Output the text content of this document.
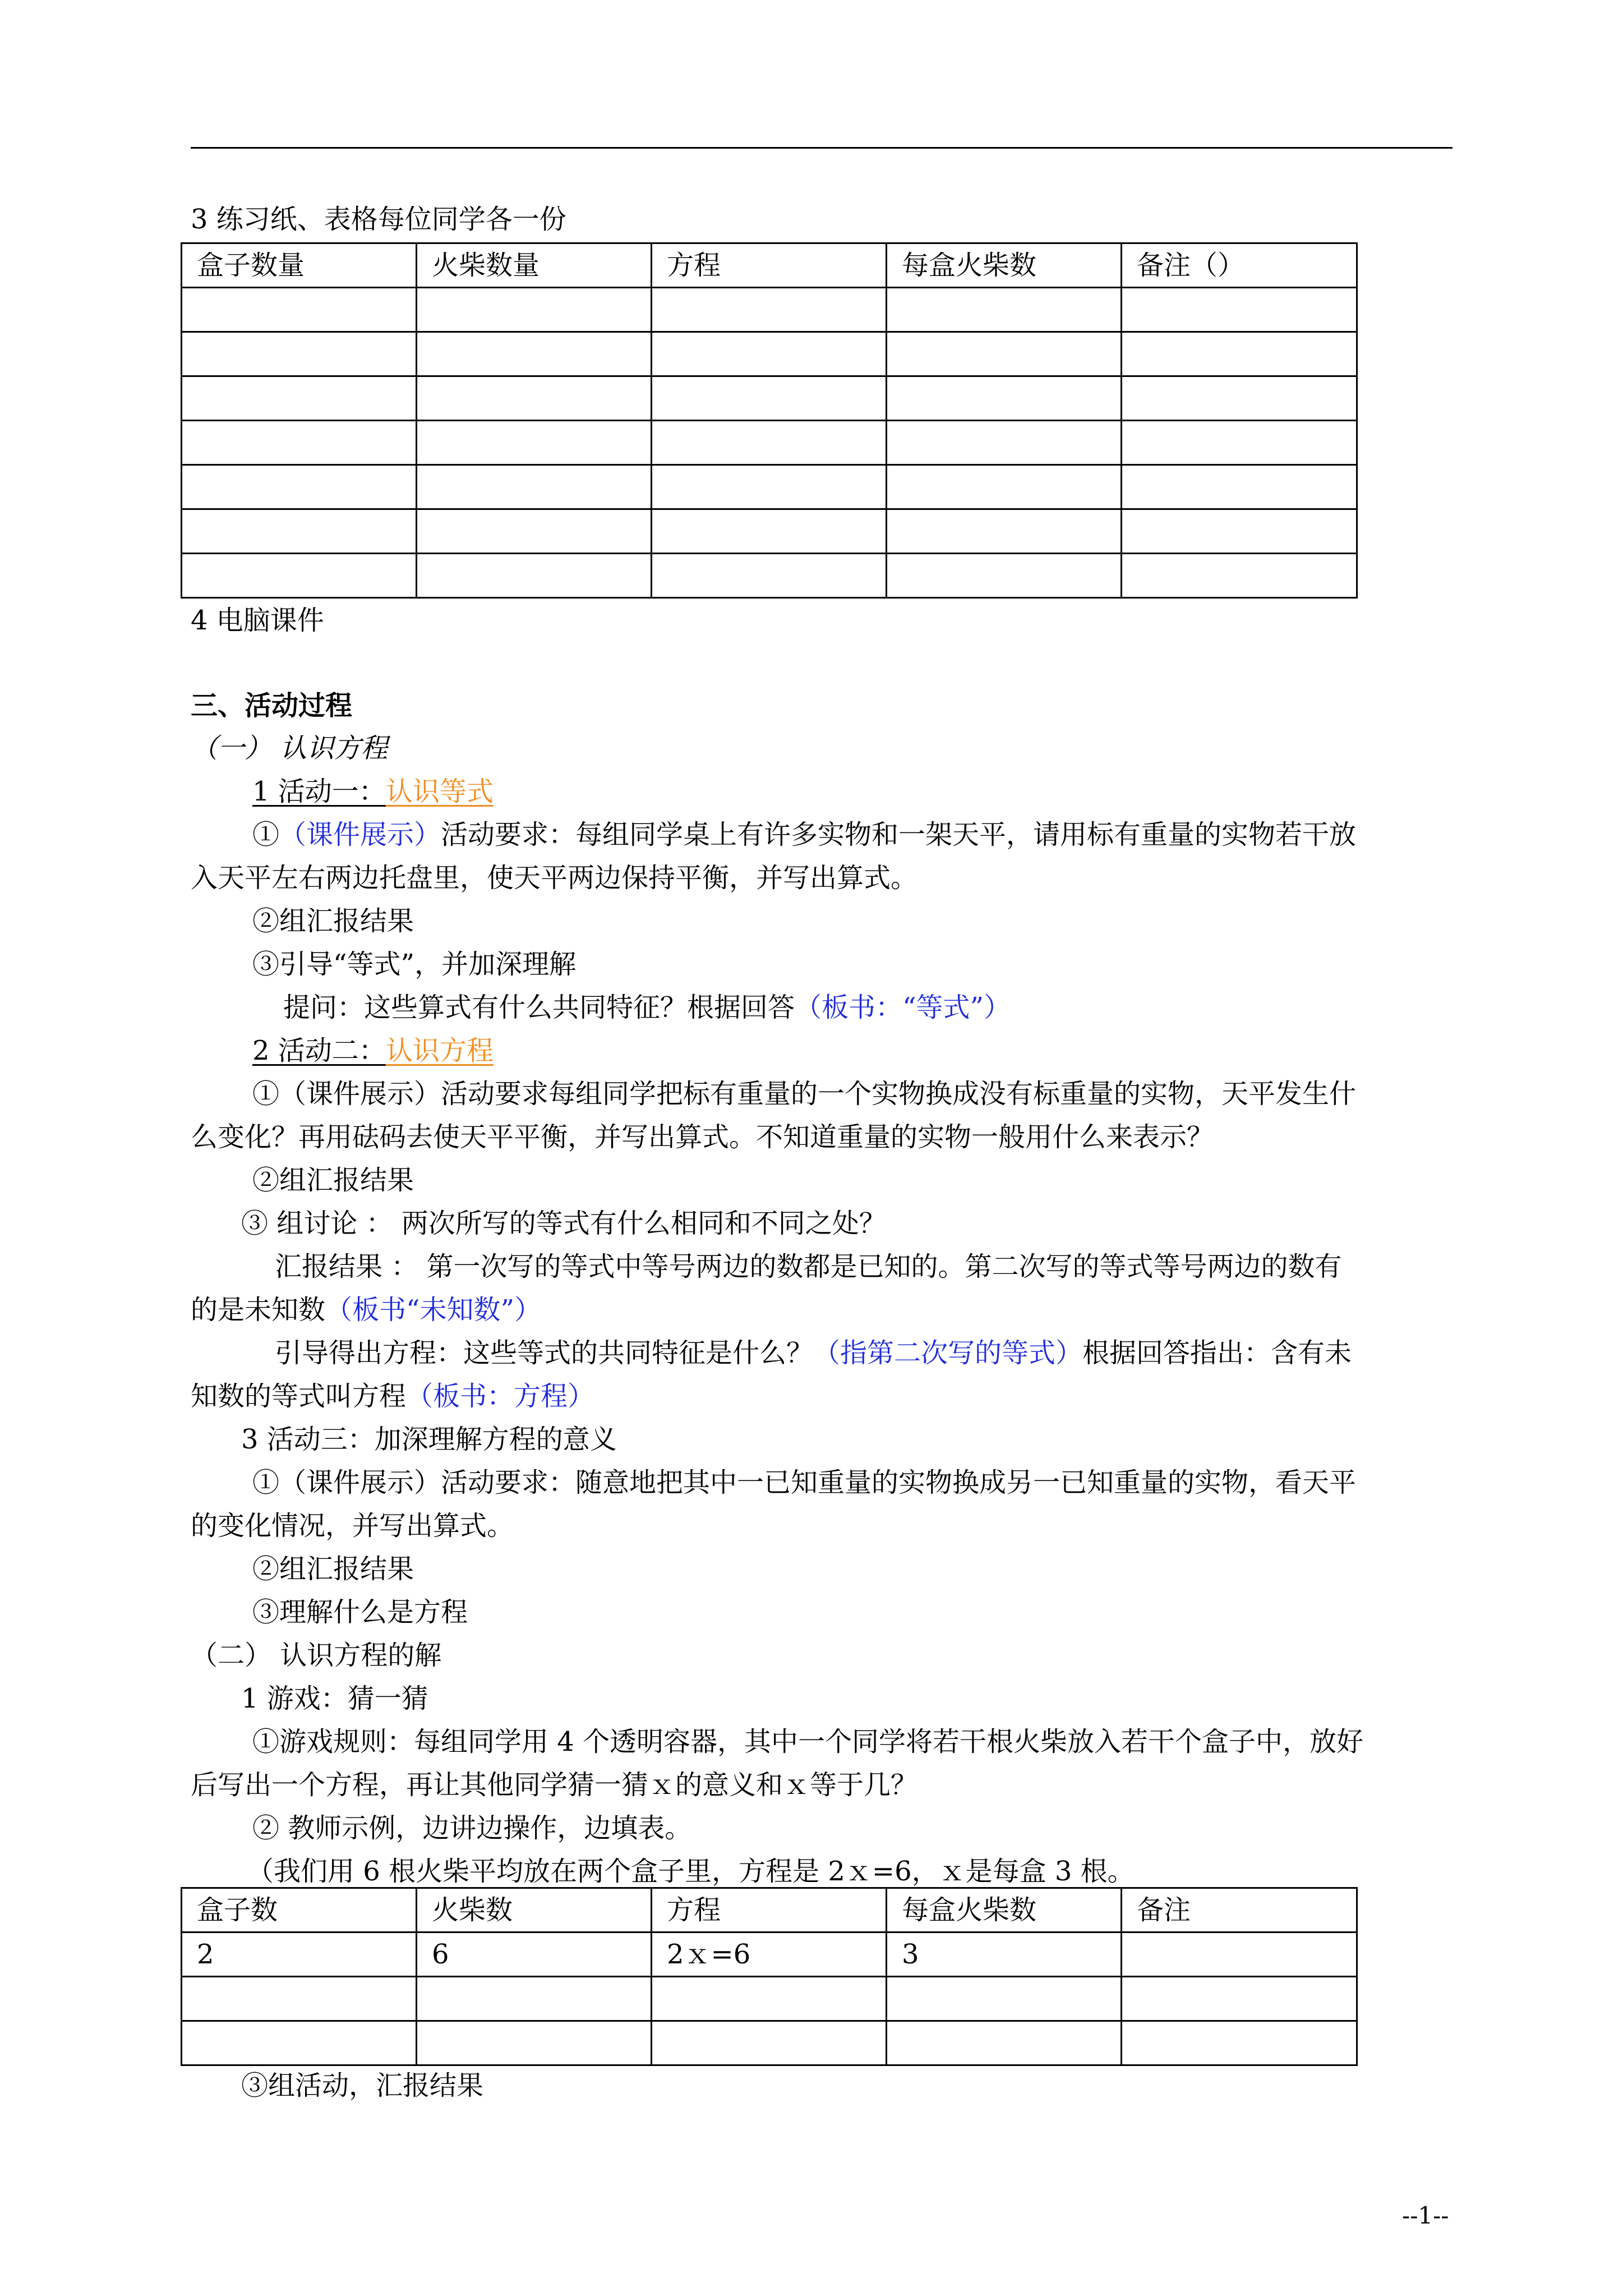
3 练习纸、表格每位同学各一份
盒子数量	火柴数量	方程	每盒火柴数	备注（）

4 电脑课件
三、活动过程
（一） 认识方程
1 活动一：认识等式
①（课件展示）活动要求：每组同学桌上有许多实物和一架天平，请用标有重量的实物若干放
入天平左右两边托盘里，使天平两边保持平衡，并写出算式。
②组汇报结果
③引导“等式”，并加深理解
提问：这些算式有什么共同特征？根据回答（板书：“等式”）
2 活动二：认识方程
①（课件展示）活动要求每组同学把标有重量的一个实物换成没有标重量的实物，天平发生什
么变化？再用砝码去使天平平衡，并写出算式。不知道重量的实物一般用什么来表示？
②组汇报结果
③ 组讨论 ： 两次所写的等式有什么相同和不同之处？
汇报结果 ： 第一次写的等式中等号两边的数都是已知的。第二次写的等式等号两边的数有
的是未知数（板书“未知数”）
引导得出方程：这些等式的共同特征是什么？（指第二次写的等式）根据回答指出：含有未
知数的等式叫方程（板书：方程）
3 活动三：加深理解方程的意义
①（课件展示）活动要求：随意地把其中一已知重量的实物换成另一已知重量的实物，看天平
的变化情况，并写出算式。
②组汇报结果
③理解什么是方程
（二） 认识方程的解
1 游戏：猜一猜
①游戏规则：每组同学用 4 个透明容器，其中一个同学将若干根火柴放入若干个盒子中，放好
后写出一个方程，再让其他同学猜一猜ｘ的意义和ｘ等于几？
② 教师示例，边讲边操作，边填表。
（我们用 6 根火柴平均放在两个盒子里，方程是 2ｘ=6，ｘ是每盒 3 根。
盒子数	火柴数	方程	每盒火柴数	备注
2	6	2ｘ=6	3	

③组活动，汇报结果
--1--
